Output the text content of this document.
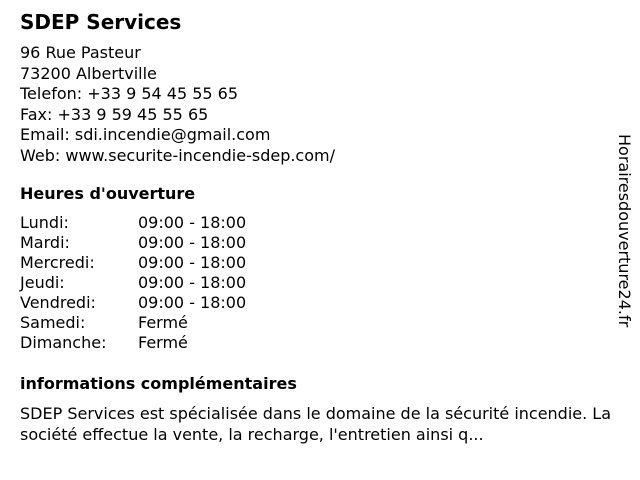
SDEP Services
96 Rue Pasteur
73200 Albertville
Telefon: +33 9 54 45 55 65
Fax: +33 9 59 45 55 65
Email: sdi.incendie@gmail.com
Web: www.securite-incendie-sdep.com/
Heures d'ouverture
Lundi:	09:00 - 18:00
Mardi:	09:00 - 18:00
Mercredi:	09:00 - 18:00
Jeudi:	09:00 - 18:00
Vendredi:	09:00 - 18:00
Samedi:	Fermé
Dimanche:	Fermé
informations complémentaires

SDEP Services est spécialisée dans le domaine de la sécurité incendie. La société effectue la vente, la recharge, l'entretien ainsi q...

Horairesdouverture24.fr
